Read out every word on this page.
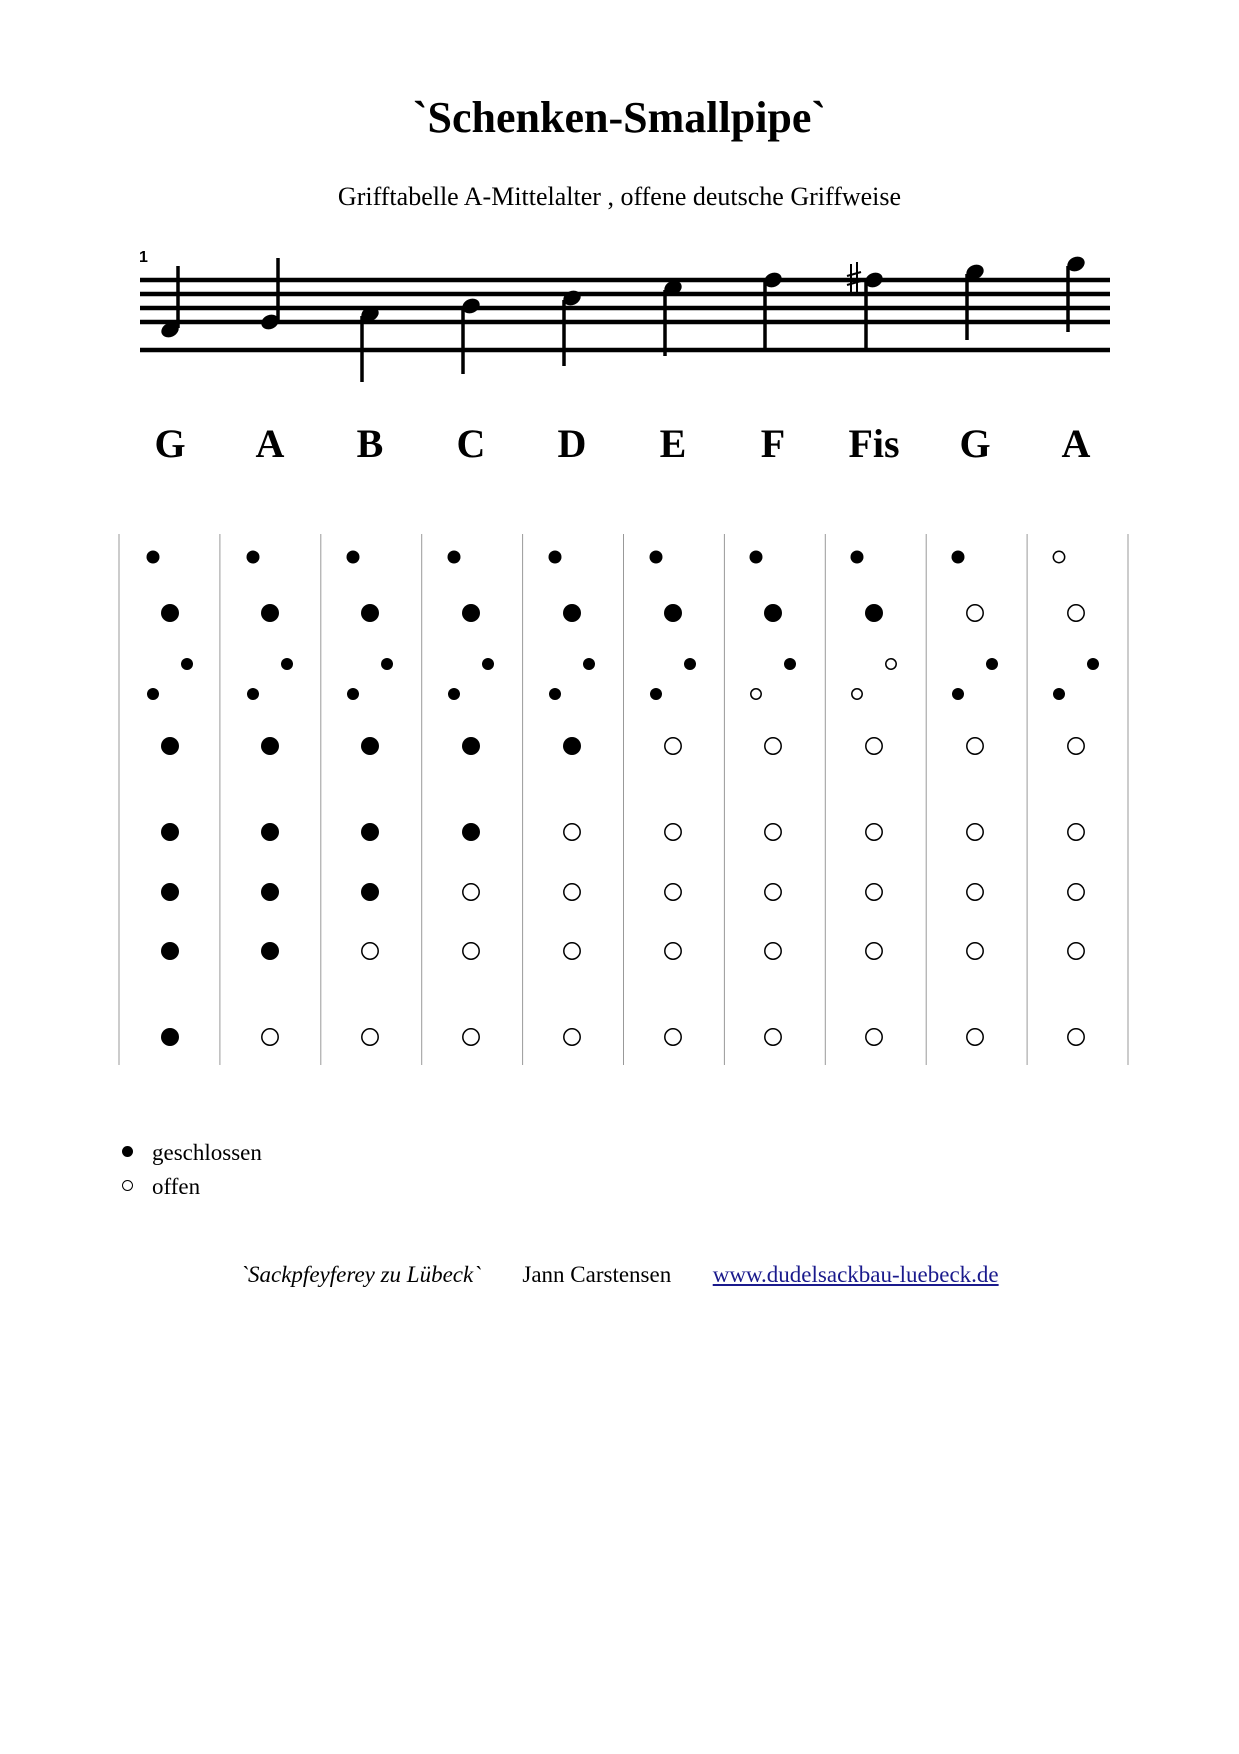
`Schenken-Smallpipe`
Grifftabelle A-Mittelalter , offene deutsche Griffweise
1
G	A	B	C	D	E	F	Fis	G	A
geschlossen
offen
`Sackpfeyferey zu Lübeck` Jann Carstensen www.dudelsackbau-luebeck.de
